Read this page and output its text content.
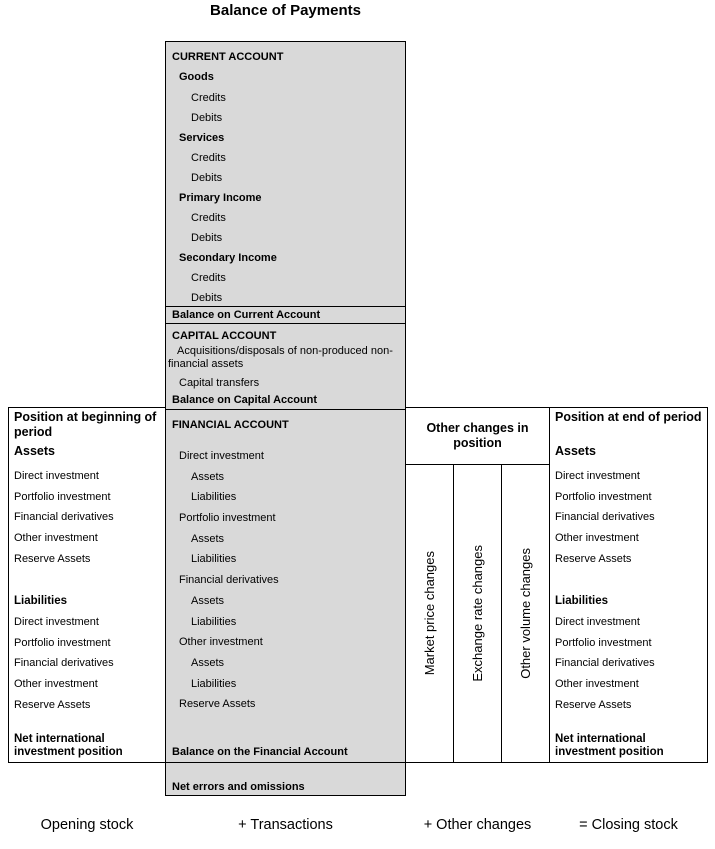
Balance of Payments
CURRENT ACCOUNT
Goods
Credits
Debits
Services
Credits
Debits
Primary Income
Credits
Debits
Secondary Income
Credits
Debits
Balance on Current Account
CAPITAL ACCOUNT
Acquisitions/disposals of non-produced non-financial assets
Capital transfers
Balance on Capital Account
FINANCIAL ACCOUNT
Direct investment
Assets
Liabilities
Portfolio investment
Assets
Liabilities
Financial derivatives
Assets
Liabilities
Other investment
Assets
Liabilities
Reserve Assets
Balance on the Financial Account
Net errors and omissions
Position at beginning of period
Assets
Direct investment
Portfolio investment
Financial derivatives
Other investment
Reserve Assets
Liabilities
Direct investment
Portfolio investment
Financial derivatives
Other investment
Reserve Assets
Net international investment position
Other changes in position
Market price changes	Exchange rate changes	Other volume changes
Position at end of period
Assets
Direct investment
Portfolio investment
Financial derivatives
Other investment
Reserve Assets
Liabilities
Direct investment
Portfolio investment
Financial derivatives
Other investment
Reserve Assets
Net international investment position
Opening stock	+ Transactions	+ Other changes	= Closing stock
